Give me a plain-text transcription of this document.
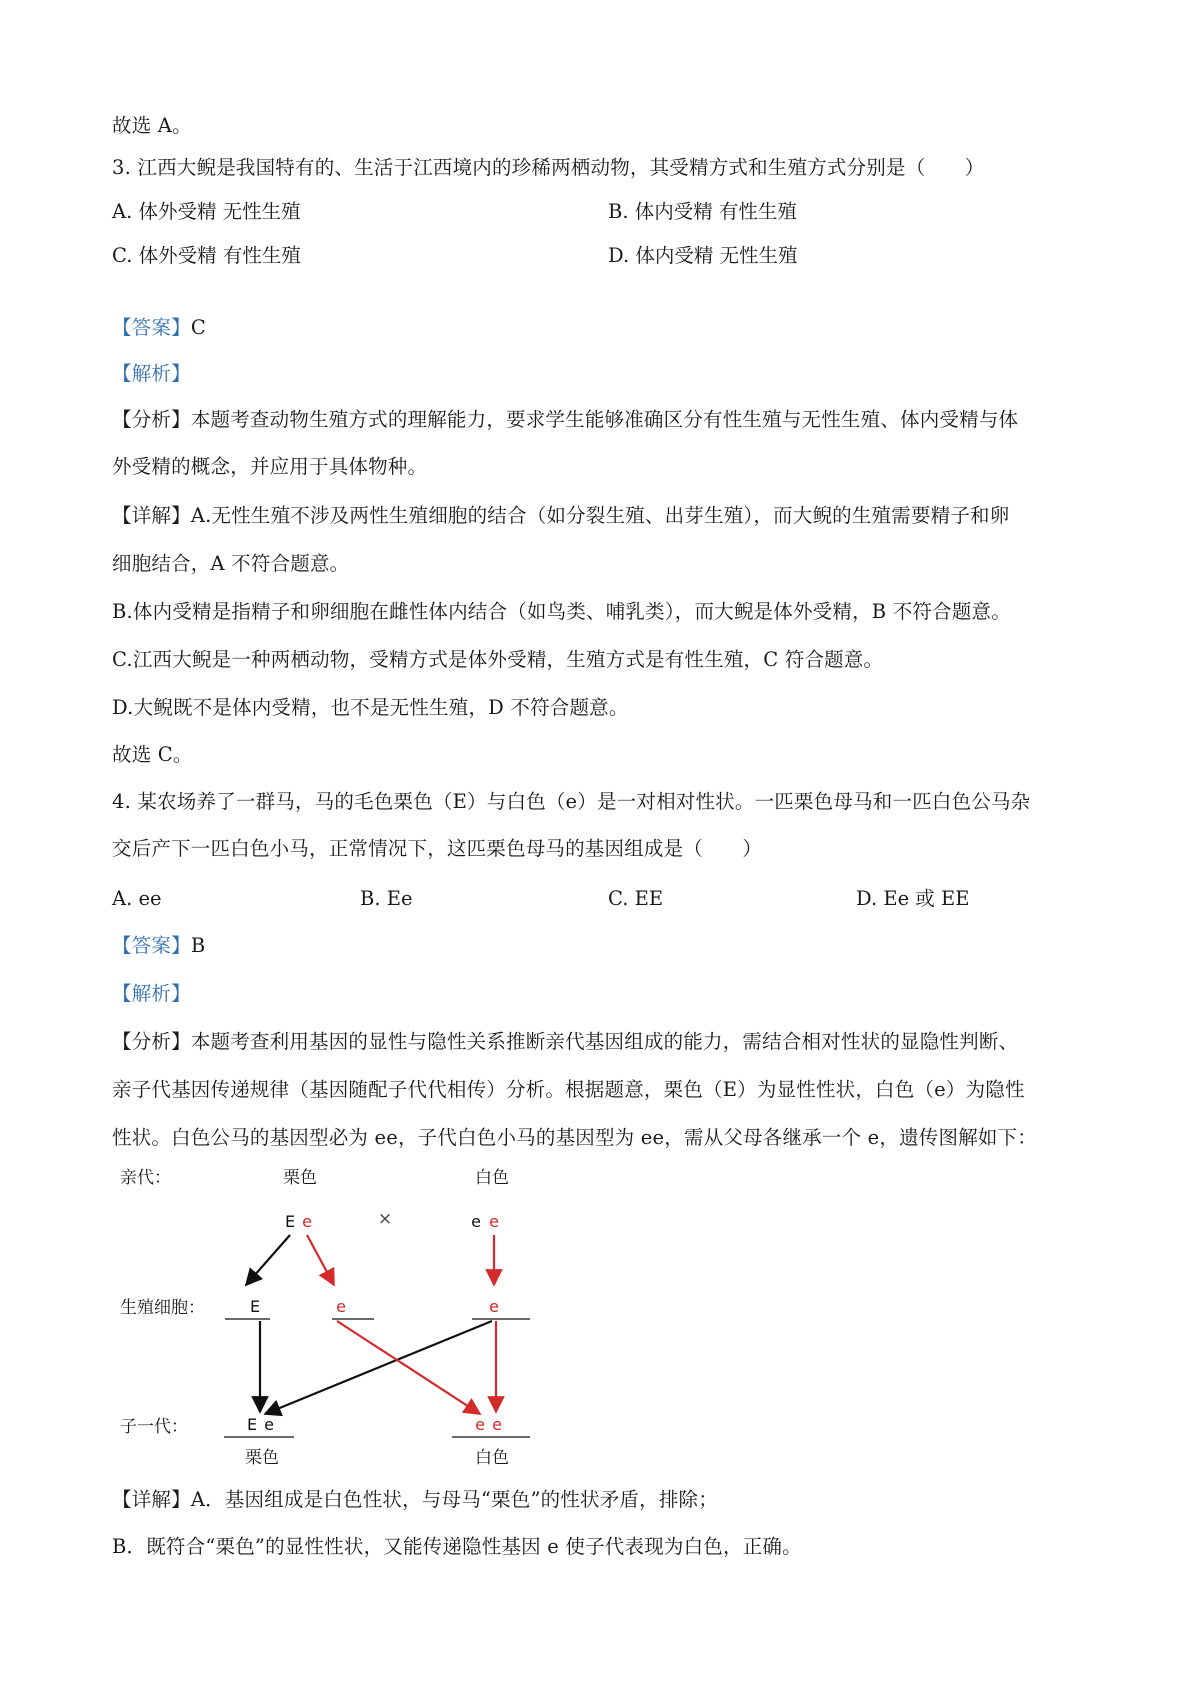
故选 A。
3. 江西大鲵是我国特有的、生活于江西境内的珍稀两栖动物，其受精方式和生殖方式分别是（　　）
A. 体外受精 无性生殖	B. 体内受精 有性生殖
C. 体外受精 有性生殖	D. 体内受精 无性生殖
【答案】C
【解析】
【分析】本题考查动物生殖方式的理解能力，要求学生能够准确区分有性生殖与无性生殖、体内受精与体
外受精的概念，并应用于具体物种。
【详解】A.无性生殖不涉及两性生殖细胞的结合（如分裂生殖、出芽生殖），而大鲵的生殖需要精子和卵
细胞结合，A 不符合题意。
B.体内受精是指精子和卵细胞在雌性体内结合（如鸟类、哺乳类），而大鲵是体外受精，B 不符合题意。
C.江西大鲵是一种两栖动物，受精方式是体外受精，生殖方式是有性生殖，C 符合题意。
D.大鲵既不是体内受精，也不是无性生殖，D 不符合题意。
故选 C。
4. 某农场养了一群马，马的毛色栗色（E）与白色（e）是一对相对性状。一匹栗色母马和一匹白色公马杂
交后产下一匹白色小马，正常情况下，这匹栗色母马的基因组成是（　　）
A. ee	B. Ee	C. EE	D. Ee 或 EE
【答案】B
【解析】
【分析】本题考查利用基因的显性与隐性关系推断亲代基因组成的能力，需结合相对性状的显隐性判断、
亲子代基因传递规律（基因随配子代代相传）分析。根据题意，栗色（E）为显性性状，白色（e）为隐性
性状。白色公马的基因型必为 ee，子代白色小马的基因型为 ee，需从父母各继承一个 e，遗传图解如下：
亲代：
生殖细胞：
子一代：
栗色	白色
E e	×	e e
E	e	e
E e	e e
栗色	白色
【详解】A．基因组成是白色性状，与母马“栗色”的性状矛盾，排除；
B．既符合“栗色”的显性性状，又能传递隐性基因 e 使子代表现为白色，正确。
